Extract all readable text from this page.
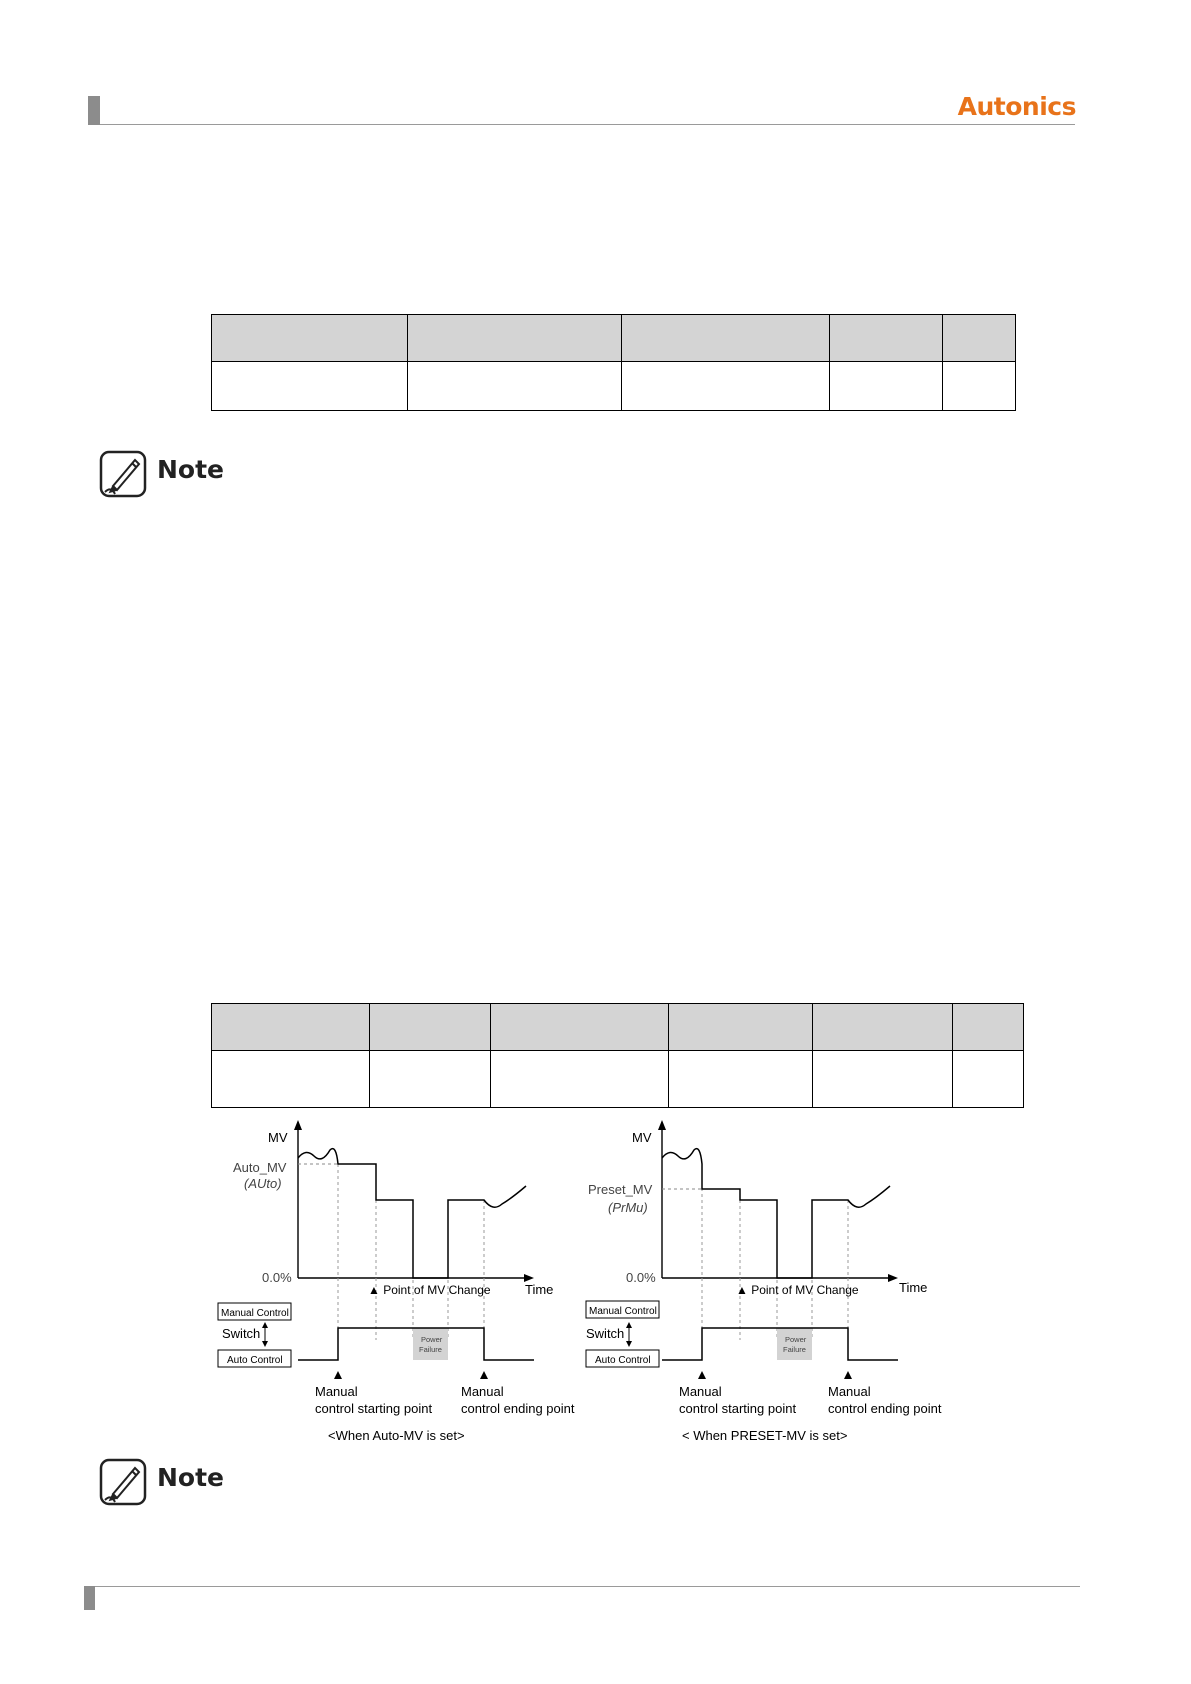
Autonics

Note

MV
Auto_MV
(AUto)
0.0%
Time
▲ Point of MV Change
Manual Control
Switch
Auto Control
Power
Failure
Manual
control starting point
Manual
control ending point
<When Auto-MV is set>
MV
Preset_MV
(PrMu)
0.0%
Time
▲ Point of MV Change
Manual Control
Switch
Auto Control
Power
Failure
Manual
control starting point
Manual
control ending point
< When PRESET-MV is set>
Note
